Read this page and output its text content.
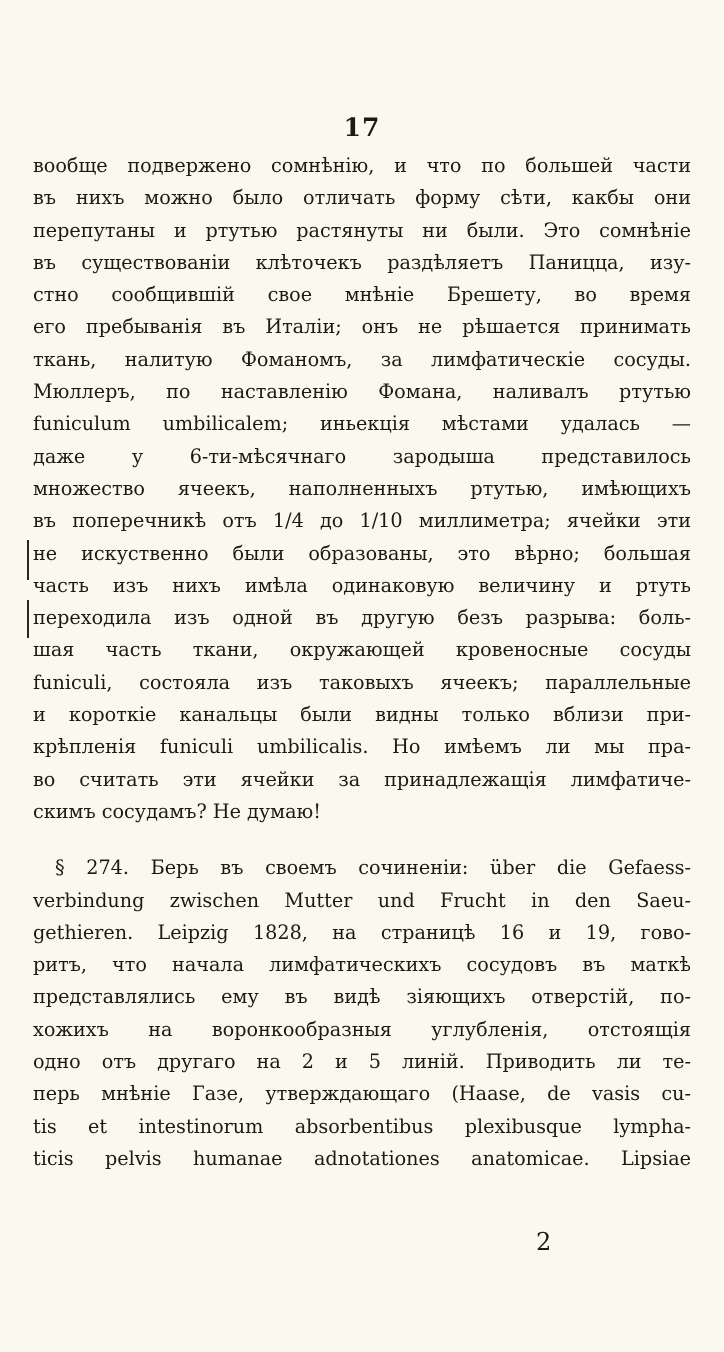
17
вообще подвержено сомнѣнію, и что по большей части
въ нихъ можно было отличать форму сѣти, какбы они
перепутаны и ртутью растянуты ни были. Это сомнѣніе
въ существованіи клѣточекъ раздѣляетъ Паницца, изу-
стно сообщившій свое мнѣніе Брешету, во время
его пребыванія въ Италіи; онъ не рѣшается принимать
ткань, налитую Фоманомъ, за лимфатическіе сосуды.
Мюллеръ, по наставленію Фомана, наливалъ ртутью
funiculum umbilicalem; иньекція мѣстами удалась —
даже у 6-ти-мѣсячнаго зародыша представилось
множество ячеекъ, наполненныхъ ртутью, имѣющихъ
въ поперечникѣ отъ 1/4 до 1/10 миллиметра; ячейки эти
не искуственно были образованы, это вѣрно; большая
часть изъ нихъ имѣла одинаковую величину и ртуть
переходила изъ одной въ другую безъ разрыва: боль-
шая часть ткани, окружающей кровеносные сосуды
funiculi, состояла изъ таковыхъ ячеекъ; параллельные
и короткіе канальцы были видны только вблизи при-
крѣпленія funiculi umbilicalis. Но имѣемъ ли мы пра-
во считать эти ячейки за принадлежащія лимфатиче-
скимъ сосудамъ? Не думаю!
§ 274. Берь въ своемъ сочиненіи: über die Gefaess-
verbindung zwischen Mutter und Frucht in den Saeu-
gethieren. Leipzig 1828, на страницѣ 16 и 19, гово-
ритъ, что начала лимфатическихъ сосудовъ въ маткѣ
представлялись ему въ видѣ зіяющихъ отверстій, по-
хожихъ на воронкообразныя углубленія, отстоящія
одно отъ другаго на 2 и 5 линій. Приводить ли те-
перь мнѣніе Газе, утверждающаго (Haase, de vasis cu-
tis et intestinorum absorbentibus plexibusque lympha-
ticis pelvis humanae adnotationes anatomicae. Lipsiae
2
